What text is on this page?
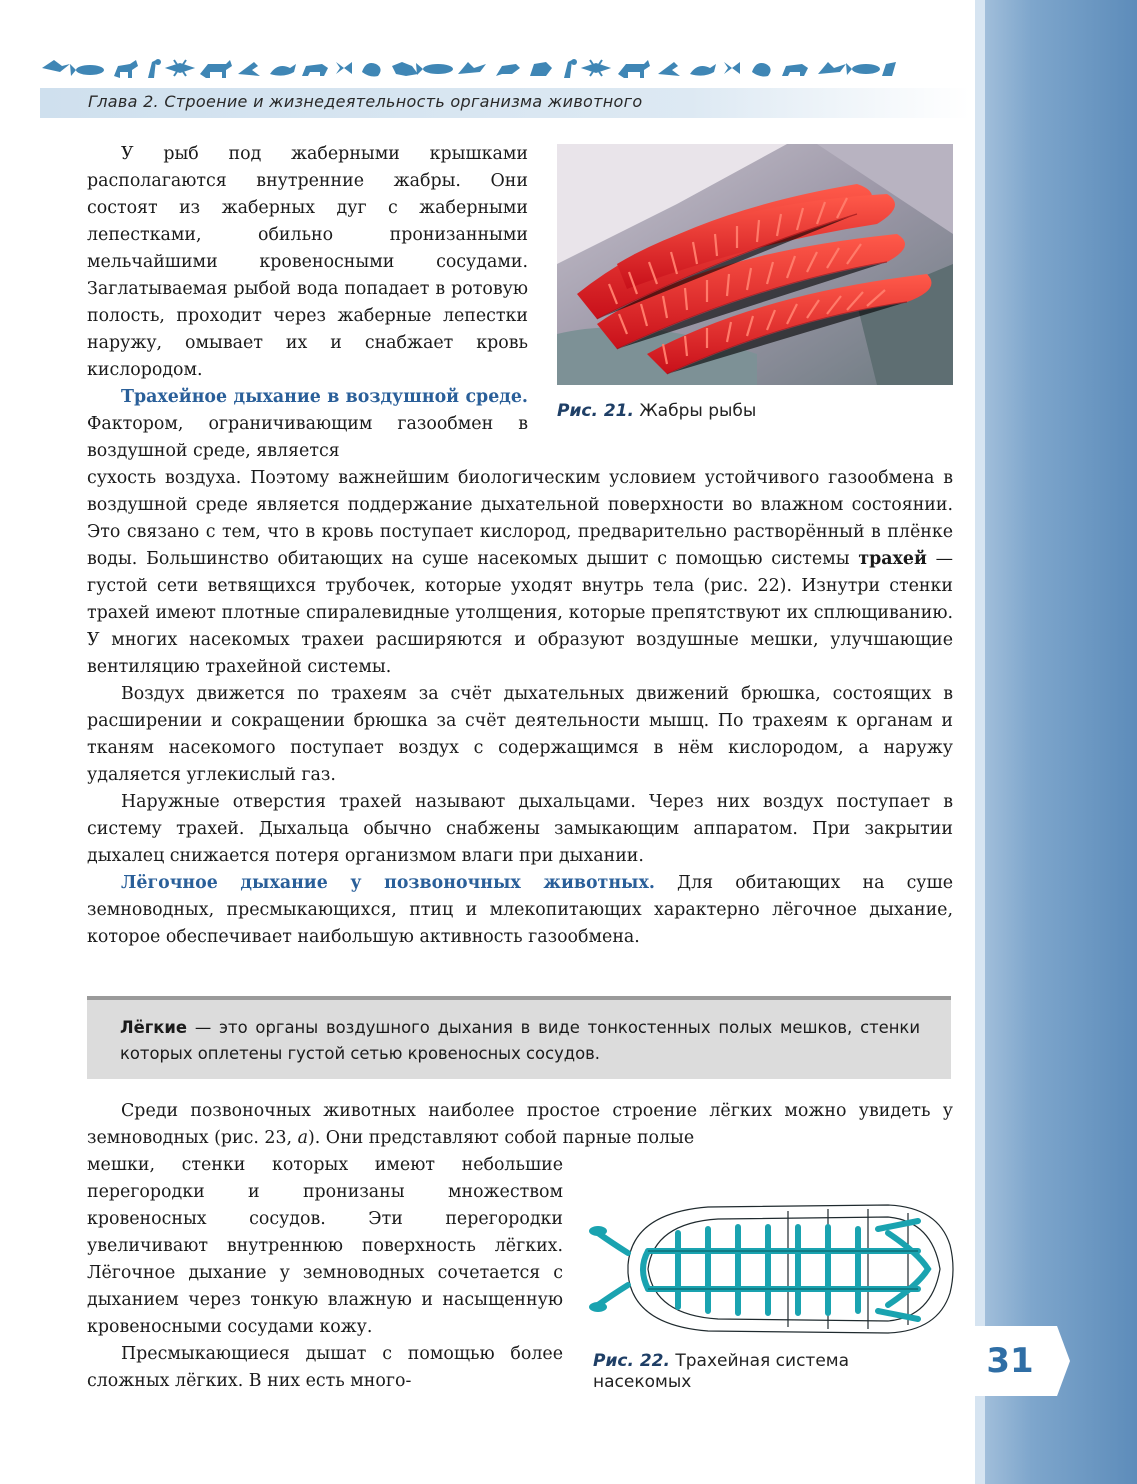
31
Глава 2. Строение и жизнедеятельность организма животного

У рыб под жаберными крышками располагаются внутренние жабры. Они состоят из жаберных дуг с жаберными лепестками, обильно пронизанными мельчайшими кровеносными сосудами. Заглатываемая рыбой вода попадает в ротовую полость, проходит через жаберные лепестки наружу, омывает их и снабжает кровь кислородом.

Трахейное дыхание в воздушной среде. Фактором, ограничивающим газообмен в воздушной среде, является

Рис. 21. Жабры рыбы

сухость воздуха. Поэтому важнейшим биологическим условием устойчивого газообмена в воздушной среде является поддержание дыхательной поверхности во влажном состоянии. Это связано с тем, что в кровь поступает кислород, предварительно растворённый в плёнке воды. Большинство обитающих на суше насекомых дышит с помощью системы трахей — густой сети ветвящихся трубочек, которые уходят внутрь тела (рис. 22). Изнутри стенки трахей имеют плотные спиралевидные утолщения, которые препятствуют их сплющиванию. У многих насекомых трахеи расширяются и образуют воздушные мешки, улучшающие вентиляцию трахейной системы.

Воздух движется по трахеям за счёт дыхательных движений брюшка, состоящих в расширении и сокращении брюшка за счёт деятельности мышц. По трахеям к органам и тканям насекомого поступает воздух с содержащимся в нём кислородом, а наружу удаляется углекислый газ.

Наружные отверстия трахей называют дыхальцами. Через них воздух поступает в систему трахей. Дыхальца обычно снабжены замыкающим аппаратом. При закрытии дыхалец снижается потеря организмом влаги при дыхании.

Лёгочное дыхание у позвоночных животных. Для обитающих на суше земноводных, пресмыкающихся, птиц и млекопитающих характерно лёгочное дыхание, которое обеспечивает наибольшую активность газообмена.

Лёгкие — это органы воздушного дыхания в виде тонкостенных полых мешков, стенки которых оплетены густой сетью кровеносных сосудов.

Среди позвоночных животных наиболее простое строение лёгких можно увидеть у земноводных (рис. 23, а). Они представляют собой парные полые

мешки, стенки которых имеют небольшие перегородки и пронизаны множеством кровеносных сосудов. Эти перегородки увеличивают внутреннюю поверхность лёгких. Лёгочное дыхание у земноводных сочетается с дыханием через тонкую влажную и насыщенную кровеносными сосудами кожу.

Пресмыкающиеся дышат с помощью более сложных лёгких. В них есть много-

Рис. 22. Трахейная система
насекомых
